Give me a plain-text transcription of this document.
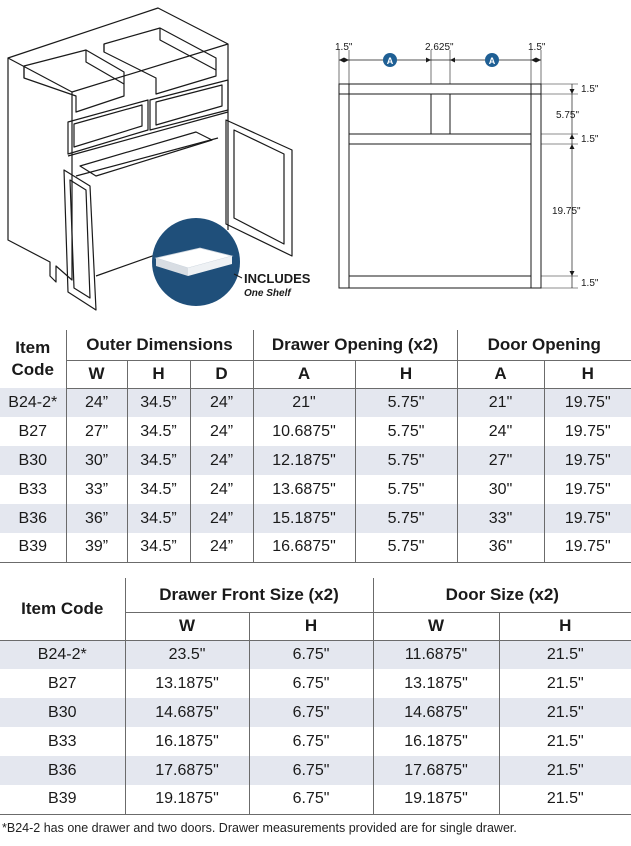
INCLUDES
One Shelf
A	A
1.5"	2.625"	1.5"
1.5"
5.75"
1.5"
19.75"
1.5"
Item
Code	Outer Dimensions			Drawer Opening (x2)		Door Opening	
	W	H	D	A	H	A	H
B24-2*	24”	34.5”	24”	21"	5.75"	21"	19.75"
B27	27”	34.5”	24”	10.6875"	5.75"	24"	19.75"
B30	30”	34.5”	24”	12.1875"	5.75"	27"	19.75"
B33	33”	34.5”	24”	13.6875"	5.75"	30"	19.75"
B36	36”	34.5”	24”	15.1875"	5.75"	33"	19.75"
B39	39”	34.5”	24”	16.6875"	5.75"	36"	19.75"
Item Code	Drawer Front Size (x2)		Door Size (x2)	
	W	H	W	H
B24-2*	23.5"	6.75"	11.6875"	21.5"
B27	13.1875"	6.75"	13.1875"	21.5"
B30	14.6875"	6.75"	14.6875"	21.5"
B33	16.1875"	6.75"	16.1875"	21.5"
B36	17.6875"	6.75"	17.6875"	21.5"
B39	19.1875"	6.75"	19.1875"	21.5"
*B24-2 has one drawer and two doors. Drawer measurements provided are for single drawer.
